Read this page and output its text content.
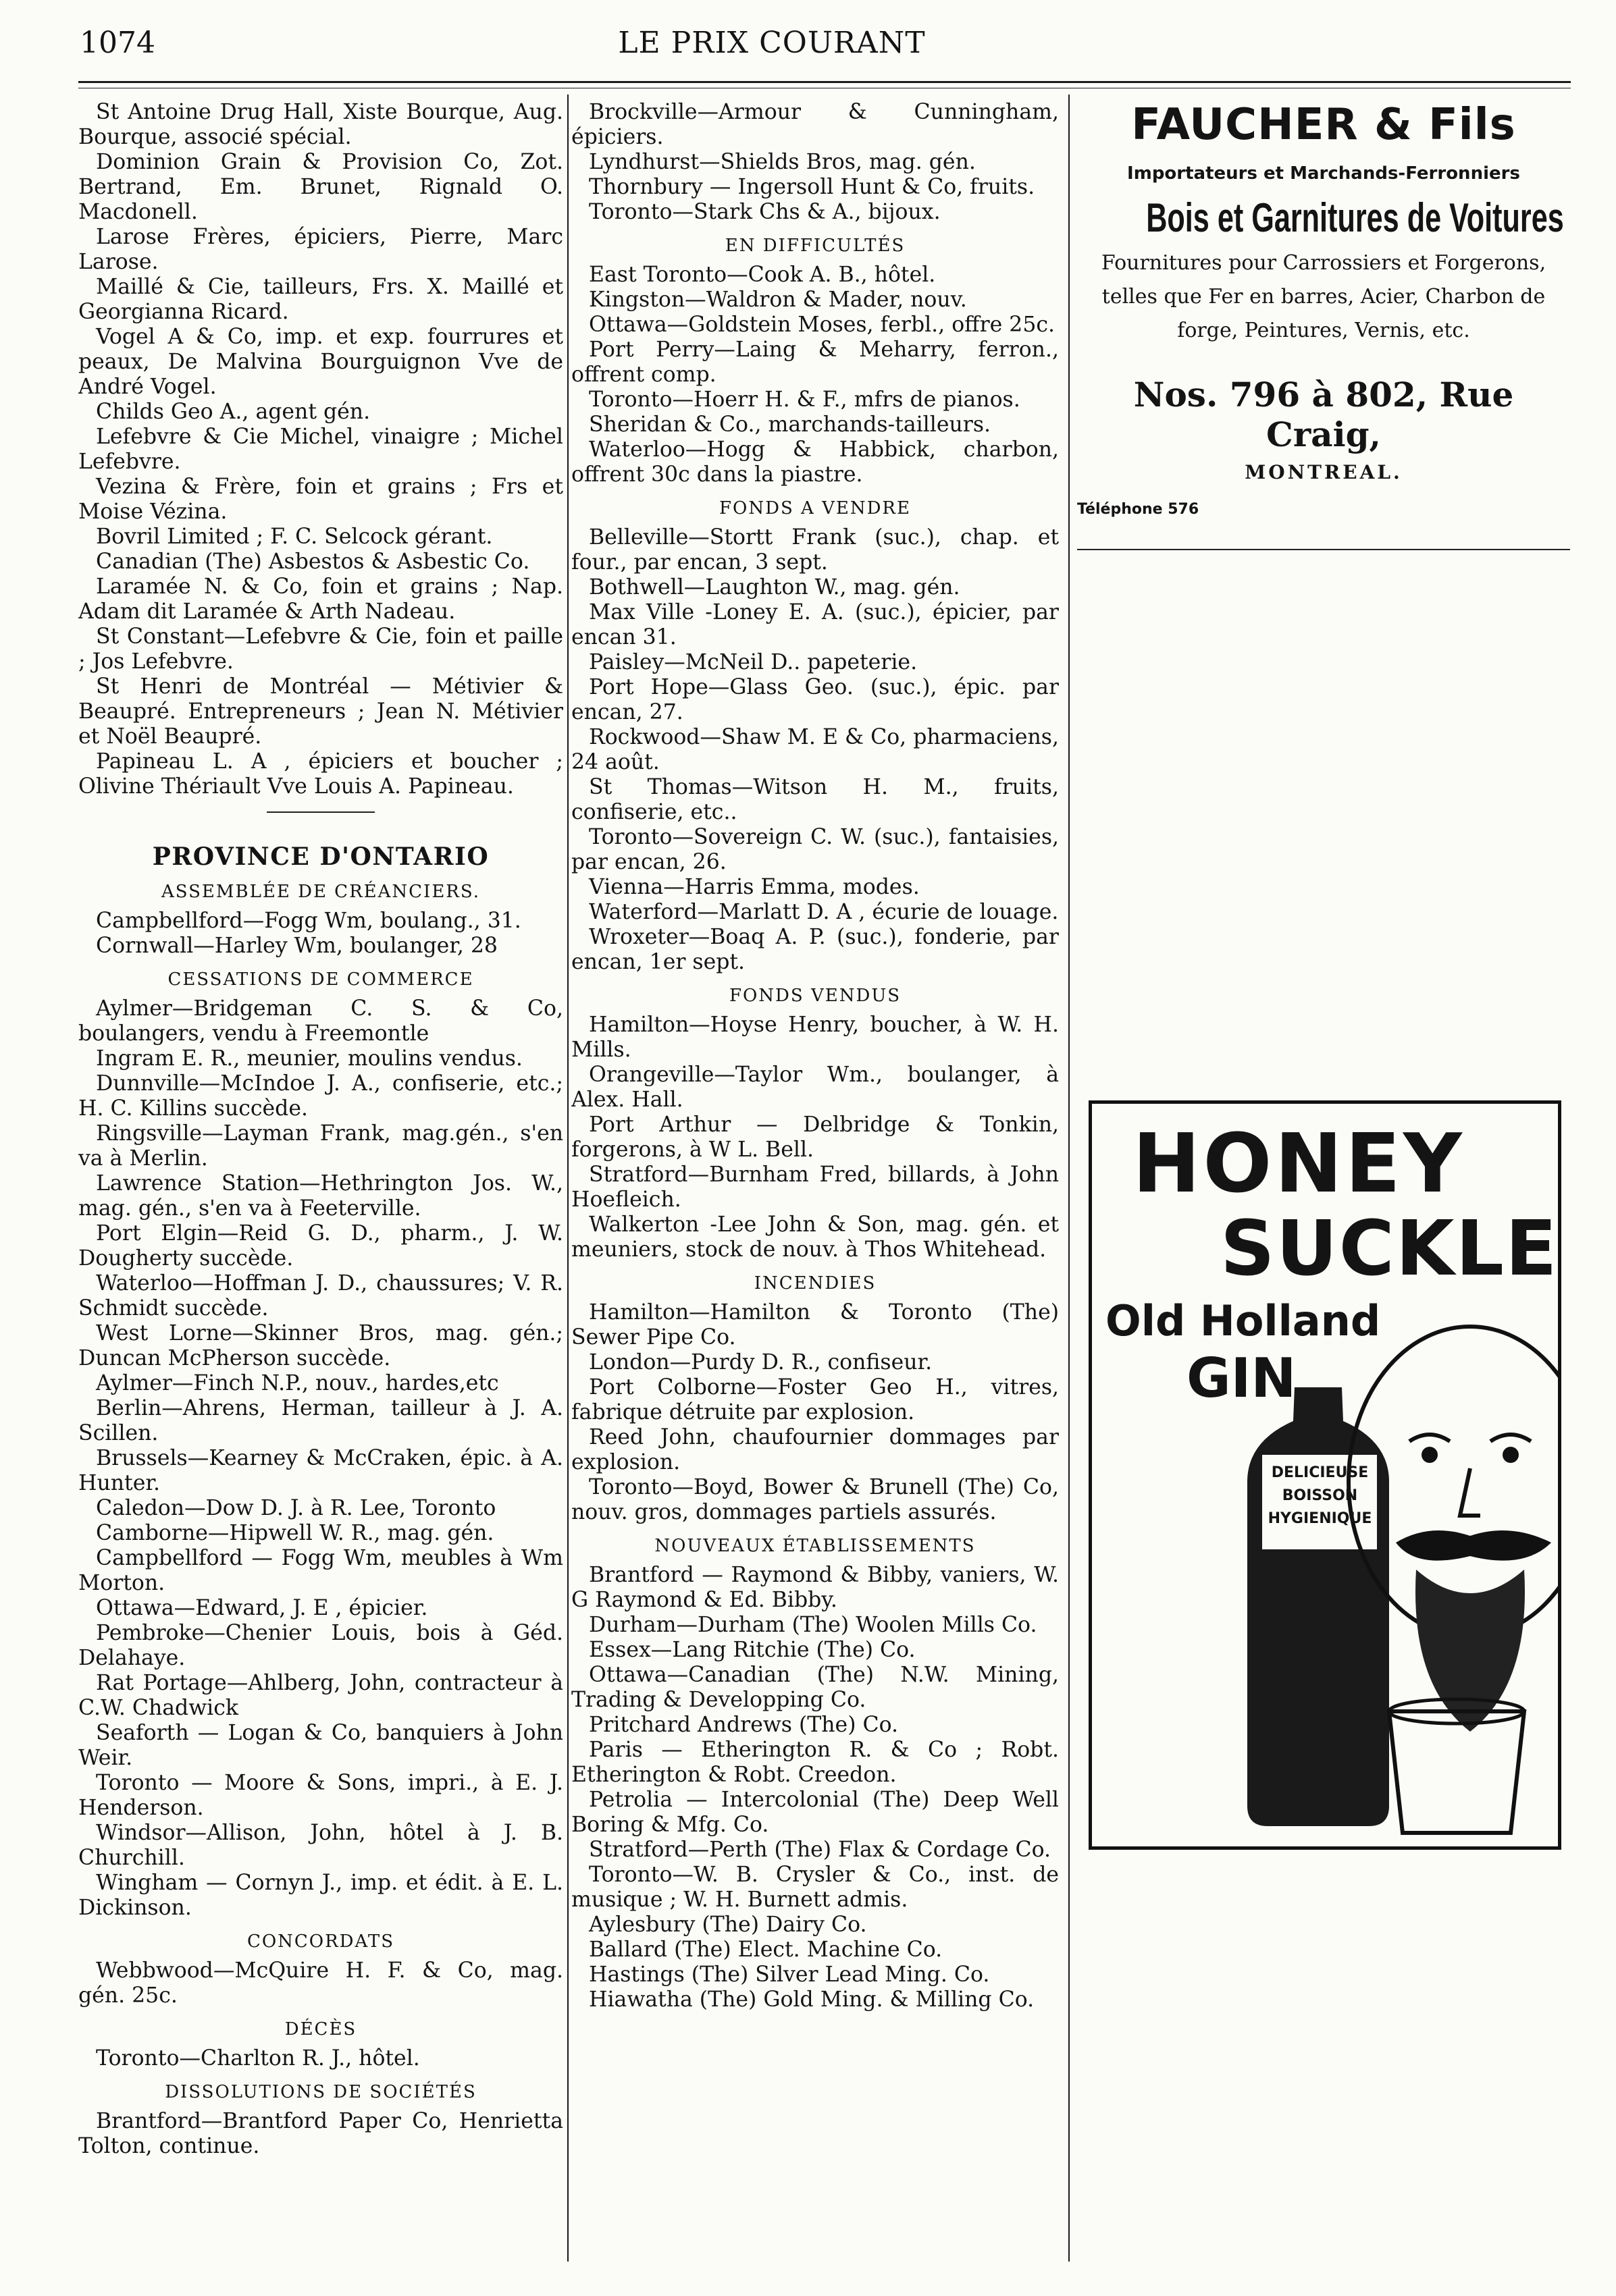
1074	LE PRIX COURANT

St Antoine Drug Hall, Xiste Bourque, Aug. Bourque, associé spécial.

Dominion Grain & Provision Co, Zot. Bertrand, Em. Brunet, Rignald O. Macdonell.

Larose Frères, épiciers, Pierre, Marc Larose.

Maillé & Cie, tailleurs, Frs. X. Maillé et Georgianna Ricard.

Vogel A & Co, imp. et exp. fourrures et peaux, De Malvina Bourguignon Vve de André Vogel.

Childs Geo A., agent gén.

Lefebvre & Cie Michel, vinaigre ; Michel Lefebvre.

Vezina & Frère, foin et grains ; Frs et Moise Vézina.

Bovril Limited ; F. C. Selcock gérant.

Canadian (The) Asbestos & Asbestic Co.

Laramée N. & Co, foin et grains ; Nap. Adam dit Laramée & Arth Nadeau.

St Constant—Lefebvre & Cie, foin et paille ; Jos Lefebvre.

St Henri de Montréal — Métivier & Beaupré. Entrepreneurs ; Jean N. Métivier et Noël Beaupré.

Papineau L. A , épiciers et boucher ; Olivine Thériault Vve Louis A. Papineau.

PROVINCE D'ONTARIO
ASSEMBLÉE DE CRÉANCIERS.

Campbellford—Fogg Wm, boulang., 31.

Cornwall—Harley Wm, boulanger, 28

CESSATIONS DE COMMERCE

Aylmer—Bridgeman C. S. & Co, boulangers, vendu à Freemontle

Ingram E. R., meunier, moulins vendus.

Dunnville—McIndoe J. A., confiserie, etc.; H. C. Killins succède.

Ringsville—Layman Frank, mag.gén., s'en va à Merlin.

Lawrence Station—Hethrington Jos. W., mag. gén., s'en va à Feeterville.

Port Elgin—Reid G. D., pharm., J. W. Dougherty succède.

Waterloo—Hoffman J. D., chaussures; V. R. Schmidt succède.

West Lorne—Skinner Bros, mag. gén.; Duncan McPherson succède.

Aylmer—Finch N.P., nouv., hardes,etc

Berlin—Ahrens, Herman, tailleur à J. A. Scillen.

Brussels—Kearney & McCraken, épic. à A. Hunter.

Caledon—Dow D. J. à R. Lee, Toronto

Camborne—Hipwell W. R., mag. gén.

Campbellford — Fogg Wm, meubles à Wm Morton.

Ottawa—Edward, J. E , épicier.

Pembroke—Chenier Louis, bois à Géd. Delahaye.

Rat Portage—Ahlberg, John, contracteur à C.W. Chadwick

Seaforth — Logan & Co, banquiers à John Weir.

Toronto — Moore & Sons, impri., à E. J. Henderson.

Windsor—Allison, John, hôtel à J. B. Churchill.

Wingham — Cornyn J., imp. et édit. à E. L. Dickinson.

CONCORDATS

Webbwood—McQuire H. F. & Co, mag. gén. 25c.

DÉCÈS

Toronto—Charlton R. J., hôtel.

DISSOLUTIONS DE SOCIÉTÉS

Brantford—Brantford Paper Co, Henrietta Tolton, continue.

Brockville—Armour & Cunningham, épiciers.

Lyndhurst—Shields Bros, mag. gén.

Thornbury — Ingersoll Hunt & Co, fruits.

Toronto—Stark Chs & A., bijoux.

EN DIFFICULTÉS

East Toronto—Cook A. B., hôtel.

Kingston—Waldron & Mader, nouv.

Ottawa—Goldstein Moses, ferbl., offre 25c.

Port Perry—Laing & Meharry, ferron., offrent comp.

Toronto—Hoerr H. & F., mfrs de pianos.

Sheridan & Co., marchands-tailleurs.

Waterloo—Hogg & Habbick, charbon, offrent 30c dans la piastre.

FONDS A VENDRE

Belleville—Stortt Frank (suc.), chap. et four., par encan, 3 sept.

Bothwell—Laughton W., mag. gén.

Max Ville -Loney E. A. (suc.), épicier, par encan 31.

Paisley—McNeil D.. papeterie.

Port Hope—Glass Geo. (suc.), épic. par encan, 27.

Rockwood—Shaw M. E & Co, pharmaciens, 24 août.

St Thomas—Witson H. M., fruits, confiserie, etc..

Toronto—Sovereign C. W. (suc.), fantaisies, par encan, 26.

Vienna—Harris Emma, modes.

Waterford—Marlatt D. A , écurie de louage.

Wroxeter—Boaq A. P. (suc.), fonderie, par encan, 1er sept.

FONDS VENDUS

Hamilton—Hoyse Henry, boucher, à W. H. Mills.

Orangeville—Taylor Wm., boulanger, à Alex. Hall.

Port Arthur — Delbridge & Tonkin, forgerons, à W L. Bell.

Stratford—Burnham Fred, billards, à John Hoefleich.

Walkerton -Lee John & Son, mag. gén. et meuniers, stock de nouv. à Thos Whitehead.

INCENDIES

Hamilton—Hamilton & Toronto (The) Sewer Pipe Co.

London—Purdy D. R., confiseur.

Port Colborne—Foster Geo H., vitres, fabrique détruite par explosion.

Reed John, chaufournier dommages par explosion.

Toronto—Boyd, Bower & Brunell (The) Co, nouv. gros, dommages partiels assurés.

NOUVEAUX ÉTABLISSEMENTS

Brantford — Raymond & Bibby, vaniers, W. G Raymond & Ed. Bibby.

Durham—Durham (The) Woolen Mills Co.

Essex—Lang Ritchie (The) Co.

Ottawa—Canadian (The) N.W. Mining, Trading & Developping Co.

Pritchard Andrews (The) Co.

Paris — Etherington R. & Co ; Robt. Etherington & Robt. Creedon.

Petrolia — Intercolonial (The) Deep Well Boring & Mfg. Co.

Stratford—Perth (The) Flax & Cordage Co.

Toronto—W. B. Crysler & Co., inst. de musique ; W. H. Burnett admis.

Aylesbury (The) Dairy Co.

Ballard (The) Elect. Machine Co.

Hastings (The) Silver Lead Ming. Co.

Hiawatha (The) Gold Ming. & Milling Co.

FAUCHER & Fils
Importateurs et Marchands-Ferronniers
Bois et Garnitures de Voitures
Fournitures pour Carrossiers et Forgerons, telles que Fer en barres, Acier, Charbon de forge, Peintures, Vernis, etc.
Nos. 796 à 802, Rue Craig,
MONTREAL.
Téléphone 576
HONEY
SUCKLE
Old Holland
GIN
DELICIEUSE
BOISSON
HYGIENIQUE
